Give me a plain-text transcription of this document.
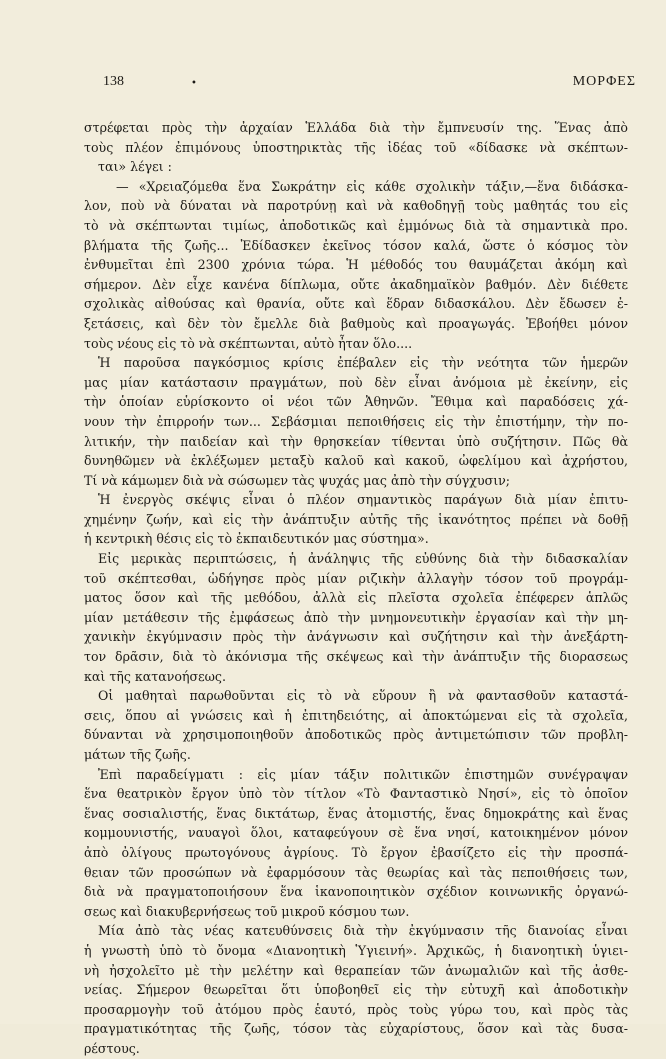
138	•	ΜΟΡΦΕΣ
στρέφεται πρὸς τὴν ἀρχαίαν Ἑλλάδα διὰ τὴν ἔμπνευσίν της. Ἕνας ἀπὸ
τοὺς πλέον ἐπιμόνους ὑποστηρικτὰς τῆς ἰδέας τοῦ «δίδασκε νὰ σκέπτων-
ται» λέγει :
— «Χρειαζόμεθα ἕνα Σωκράτην εἰς κάθε σχολικὴν τάξιν,—ἕνα διδάσκα-
λον, ποὺ νὰ δύναται νὰ παροτρύνῃ καὶ νὰ καθοδηγῇ τοὺς μαθητάς του εἰς
τὸ νὰ σκέπτωνται τιμίως, ἀποδοτικῶς καὶ ἐμμόνως διὰ τὰ σημαντικὰ προ.
βλήματα τῆς ζωῆς... Ἐδίδασκεν ἐκεῖνος τόσον καλά, ὥστε ὁ κόσμος τὸν
ἐνθυμεῖται ἐπὶ 2300 χρόνια τώρα. Ἡ μέθοδός του θαυμάζεται ἀκόμη καὶ
σήμερον. Δὲν εἶχε κανένα δίπλωμα, οὔτε ἀκαδημαϊκὸν βαθμόν. Δὲν διέθετε
σχολικὰς αἰθούσας καὶ θρανία, οὔτε καὶ ἕδραν διδασκάλου. Δὲν ἔδωσεν ἐ-
ξετάσεις, καὶ δὲν τὸν ἔμελλε διὰ βαθμοὺς καὶ προαγωγάς. Ἐβοήθει μόνον
τοὺς νέους εἰς τὸ νὰ σκέπτωνται, αὐτὸ ἦταν ὅλο....
Ἡ παροῦσα παγκόσμιος κρίσις ἐπέβαλεν εἰς τὴν νεότητα τῶν ἡμερῶν
μας μίαν κατάστασιν πραγμάτων, ποὺ δὲν εἶναι ἀνόμοια μὲ ἐκείνην, εἰς
τὴν ὁποίαν εὑρίσκοντο οἱ νέοι τῶν Ἀθηνῶν. Ἔθιμα καὶ παραδόσεις χά-
νουν τὴν ἐπιρροήν των... Σεβάσμιαι πεποιθήσεις εἰς τὴν ἐπιστήμην, τὴν πο-
λιτικήν, τὴν παιδείαν καὶ τὴν θρησκείαν τίθενται ὑπὸ συζήτησιν. Πῶς θὰ
δυνηθῶμεν νὰ ἐκλέξωμεν μεταξὺ καλοῦ καὶ κακοῦ, ὠφελίμου καὶ ἀχρήστου,
Τί νὰ κάμωμεν διὰ νὰ σώσωμεν τὰς ψυχάς μας ἀπὸ τὴν σύγχυσιν;
Ἡ ἐνεργὸς σκέψις εἶναι ὁ πλέον σημαντικὸς παράγων διὰ μίαν ἐπιτυ-
χημένην ζωήν, καὶ εἰς τὴν ἀνάπτυξιν αὐτῆς τῆς ἱκανότητος πρέπει νὰ δοθῇ
ἡ κεντρικὴ θέσις εἰς τὸ ἐκπαιδευτικόν μας σύστημα».
Εἰς μερικὰς περιπτώσεις, ἡ ἀνάληψις τῆς εὐθύνης διὰ τὴν διδασκαλίαν
τοῦ σκέπτεσθαι, ὡδήγησε πρὸς μίαν ριζικὴν ἀλλαγὴν τόσον τοῦ προγράμ-
ματος ὅσον καὶ τῆς μεθόδου, ἀλλὰ εἰς πλεῖστα σχολεῖα ἐπέφερεν ἁπλῶς
μίαν μετάθεσιν τῆς ἐμφάσεως ἀπὸ τὴν μνημονευτικὴν ἐργασίαν καὶ τὴν μη-
χανικὴν ἐκγύμνασιν πρὸς τὴν ἀνάγνωσιν καὶ συζήτησιν καὶ τὴν ἀνεξάρτη-
τον δρᾶσιν, διὰ τὸ ἀκόνισμα τῆς σκέψεως καὶ τὴν ἀνάπτυξιν τῆς διορασεως
καὶ τῆς κατανοήσεως.
Οἱ μαθηταὶ παρωθοῦνται εἰς τὸ νὰ εὕρουν ἢ νὰ φαντασθοῦν καταστά-
σεις, ὅπου αἱ γνώσεις καὶ ἡ ἐπιτηδειότης, αἱ ἀποκτώμεναι εἰς τὰ σχολεῖα,
δύνανται νὰ χρησιμοποιηθοῦν ἀποδοτικῶς πρὸς ἀντιμετώπισιν τῶν προβλη-
μάτων τῆς ζωῆς.
Ἐπὶ παραδείγματι : εἰς μίαν τάξιν πολιτικῶν ἐπιστημῶν συνέγραψαν
ἕνα θεατρικὸν ἔργον ὑπὸ τὸν τίτλον «Τὸ Φανταστικὸ Νησί», εἰς τὸ ὁποῖον
ἕνας σοσιαλιστής, ἕνας δικτάτωρ, ἕνας ἀτομιστής, ἕνας δημοκράτης καὶ ἕνας
κομμουνιστής, ναυαγοὶ ὅλοι, καταφεύγουν σὲ ἕνα νησί, κατοικημένον μόνον
ἀπὸ ὀλίγους πρωτογόνους ἀγρίους. Τὸ ἔργον ἐβασίζετο εἰς τὴν προσπά-
θειαν τῶν προσώπων νὰ ἐφαρμόσουν τὰς θεωρίας καὶ τὰς πεποιθήσεις των,
διὰ νὰ πραγματοποιήσουν ἕνα ἱκανοποιητικὸν σχέδιον κοινωνικῆς ὀργανώ-
σεως καὶ διακυβερνήσεως τοῦ μικροῦ κόσμου των.
Μία ἀπὸ τὰς νέας κατευθύνσεις διὰ τὴν ἐκγύμνασιν τῆς διανοίας εἶναι
ἡ γνωστὴ ὑπὸ τὸ ὄνομα «Διανοητικὴ Ὑγιεινή». Ἀρχικῶς, ἡ διανοητικὴ ὑγιει-
νὴ ἠσχολεῖτο μὲ τὴν μελέτην καὶ θεραπείαν τῶν ἀνωμαλιῶν καὶ τῆς ἀσθε-
νείας. Σήμερον θεωρεῖται ὅτι ὑποβοηθεῖ εἰς τὴν εὐτυχῆ καὶ ἀποδοτικὴν
προσαρμογὴν τοῦ ἀτόμου πρὸς ἑαυτό, πρὸς τοὺς γύρω του, καὶ πρὸς τὰς
πραγματικότητας τῆς ζωῆς, τόσον τὰς εὐχαρίστους, ὅσον καὶ τὰς δυσα-
ρέστους.
